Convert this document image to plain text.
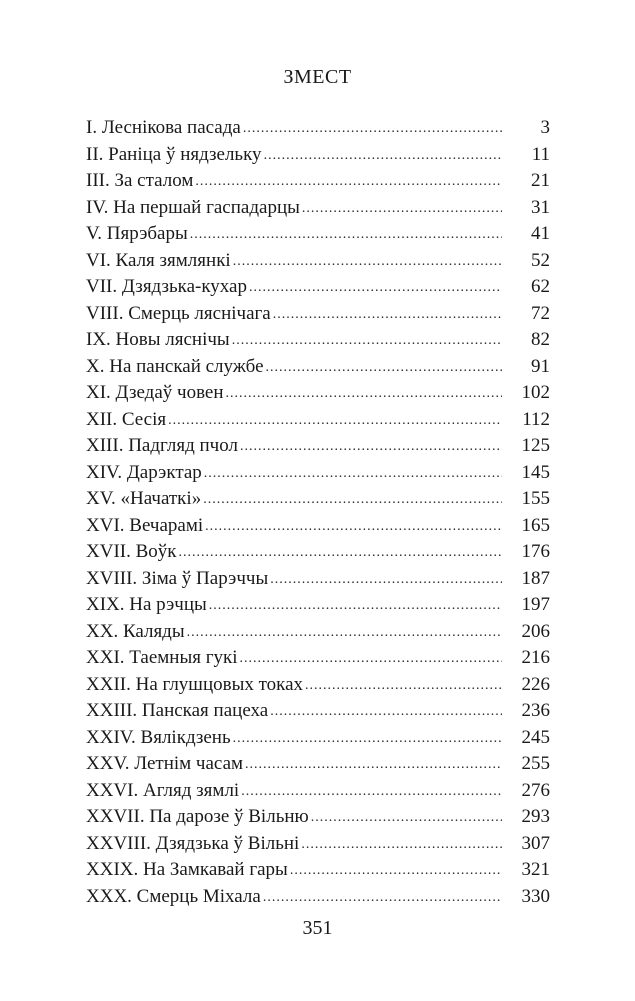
ЗМЕСТ
I. Леснікова пасада .....	3
II. Раніца ў нядзельку .....	11
III. За сталом .....	21
IV. На першай гаспадарцы .....	31
V. Пярэбары .....	41
VI. Каля зямлянкі .....	52
VII. Дзядзька-кухар .....	62
VIII. Смерць ляснічага .....	72
IX. Новы ляснічы .....	82
X. На панскай службе .....	91
XI. Дзедаў човен .....	102
XII. Сесія .....	112
XIII. Падгляд пчол .....	125
XIV. Дарэктар .....	145
XV. «Начаткі» .....	155
XVI. Вечарамі .....	165
XVII. Воўк .....	176
XVIII. Зіма ў Парэччы .....	187
XIX. На рэчцы .....	197
XX. Каляды .....	206
XXI. Таемныя гукі .....	216
XXII. На глушцовых токах .....	226
XXIII. Панская пацеха .....	236
XXIV. Вялікдзень .....	245
XXV. Летнім часам .....	255
XXVI. Агляд зямлі .....	276
XXVII. Па дарозе ў Вільню .....	293
XXVIII. Дзядзька ў Вільні .....	307
XXIX. На Замкавай гары .....	321
XXX. Смерць Міхала .....	330
351
